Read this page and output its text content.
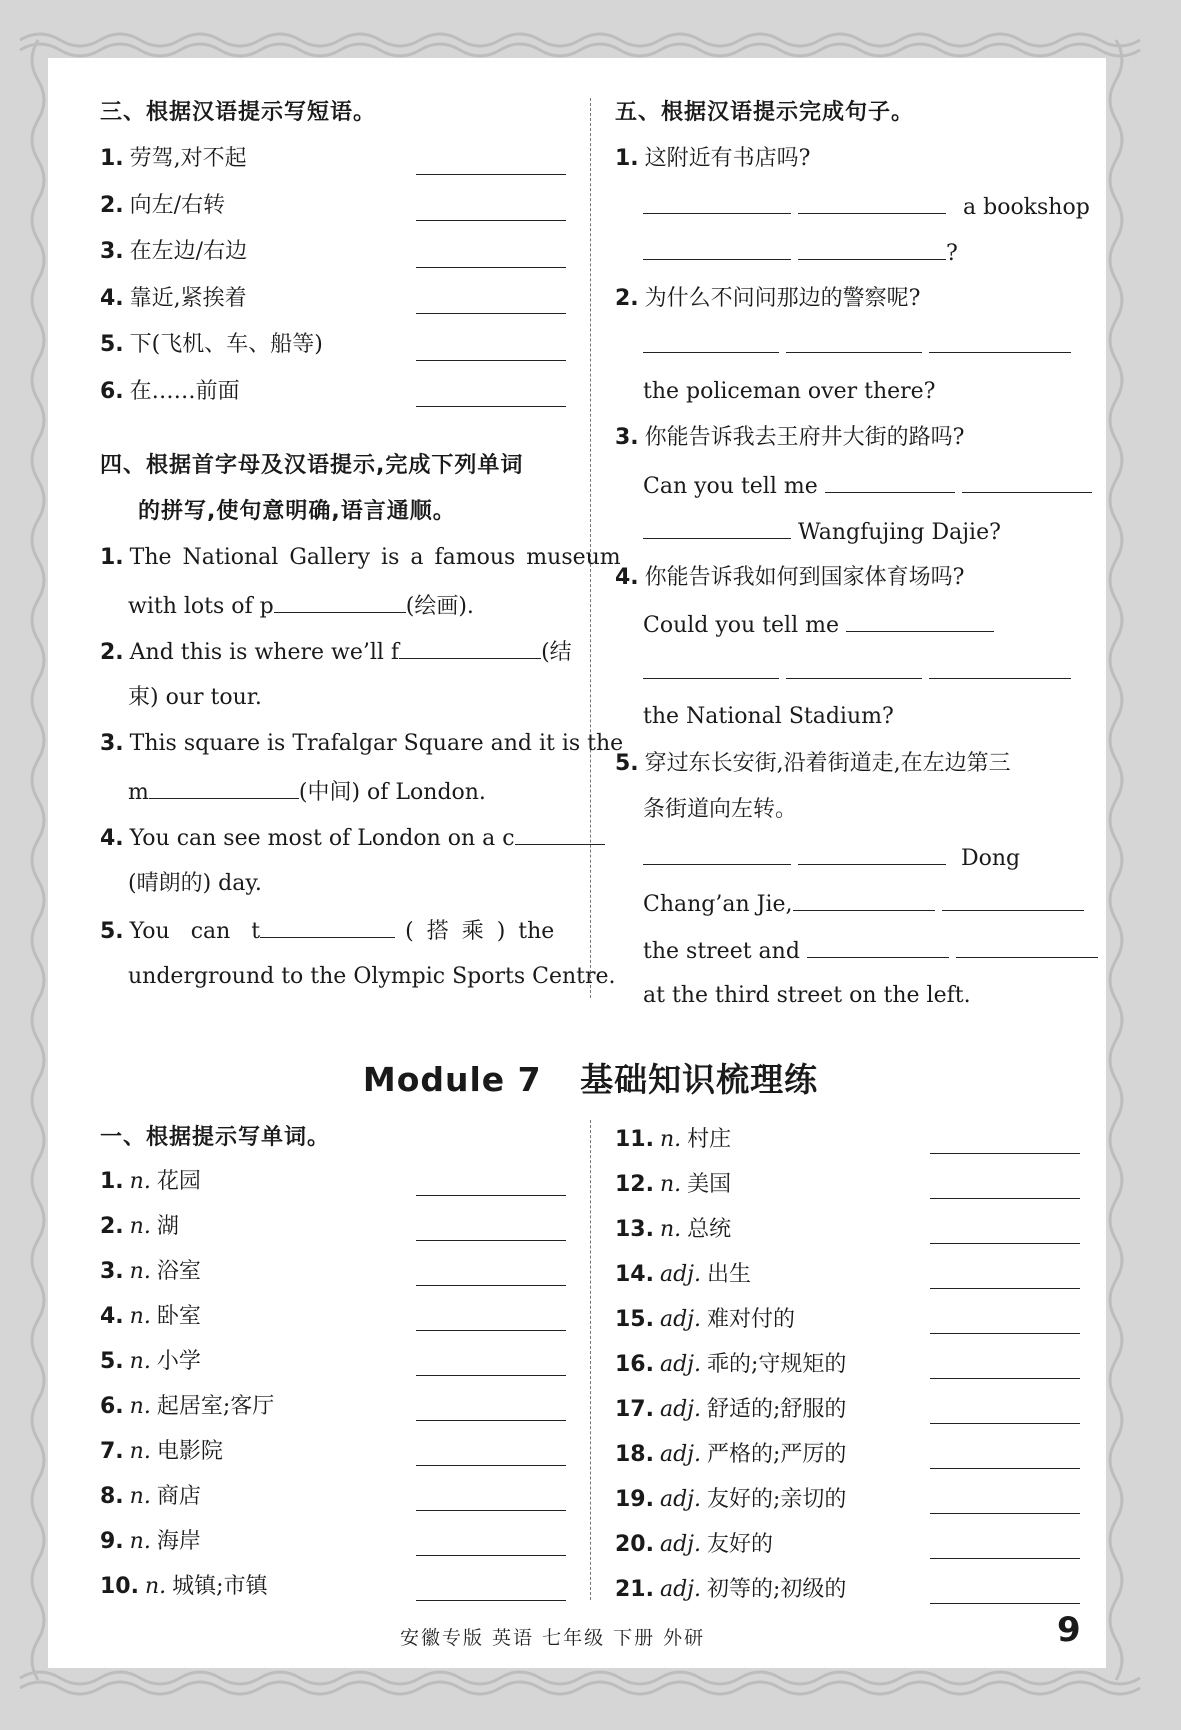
三、根据汉语提示写短语。
1. 劳驾,对不起
2. 向左/右转
3. 在左边/右边
4. 靠近,紧挨着
5. 下(飞机、车、船等)
6. 在……前面
四、根据首字母及汉语提示,完成下列单词
的拼写,使句意明确,语言通顺。
1. The National Gallery is a famous museum
with lots of p	(绘画).
2. And this is where we’ll f	(结
束) our tour.
3. This square is Trafalgar Square and it is the
m	(中间) of London.
4. You can see most of London on a c
(晴朗的) day.
5. You can t	( 搭 乘 ) the
underground to the Olympic Sports Centre.
五、根据汉语提示完成句子。
1. 这附近有书店吗?
a bookshop
?
2. 为什么不问问那边的警察呢?

the policeman over there?
3. 你能告诉我去王府井大街的路吗?
Can you tell me
Wangfujing Dajie?
4. 你能告诉我如何到国家体育场吗?
Could you tell me

the National Stadium?
5. 穿过东长安街,沿着街道走,在左边第三
条街道向左转。
Dong
Chang’an Jie,
the street and
at the third street on the left.
Module 7 基础知识梳理练
一、根据提示写单词。
1. n. 花园
2. n. 湖
3. n. 浴室
4. n. 卧室
5. n. 小学
6. n. 起居室;客厅
7. n. 电影院
8. n. 商店
9. n. 海岸
10. n. 城镇;市镇
11. n. 村庄
12. n. 美国
13. n. 总统
14. adj. 出生
15. adj. 难对付的
16. adj. 乖的;守规矩的
17. adj. 舒适的;舒服的
18. adj. 严格的;严厉的
19. adj. 友好的;亲切的
20. adj. 友好的
21. adj. 初等的;初级的
安徽专版 英语 七年级 下册 外研	9
